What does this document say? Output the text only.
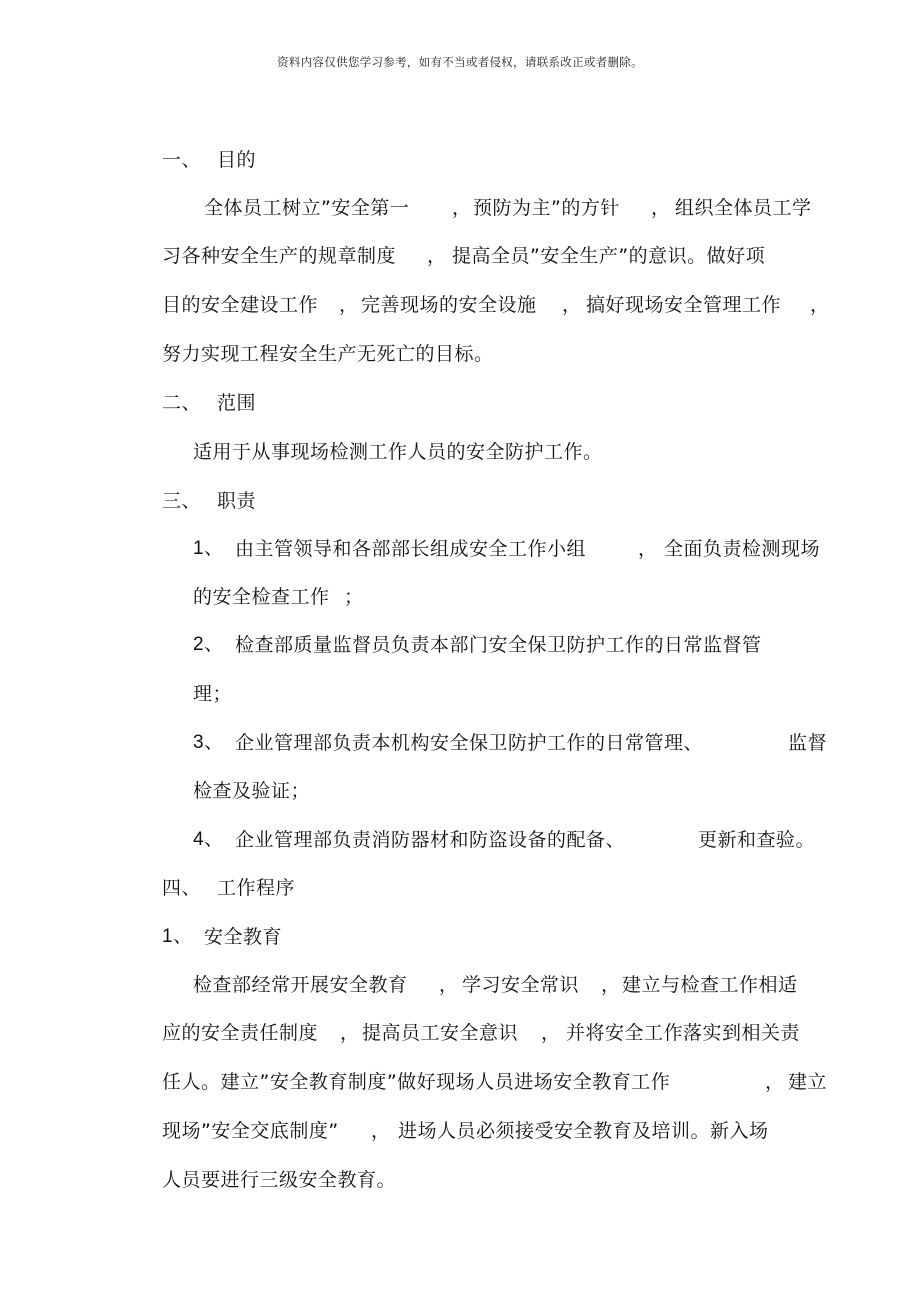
资料内容仅供您学习参考，如有不当或者侵权，请联系改正或者删除。
一、 目的
全体员工树立”安全第一 ， 预防为主”的方针 ， 组织全体员工学
习各种安全生产的规章制度 ， 提高全员”安全生产”的意识。做好项
目的安全建设工作 ， 完善现场的安全设施 ， 搞好现场安全管理工作 ，
努力实现工程安全生产无死亡的目标。
二、 范围
适用于从事现场检测工作人员的安全防护工作。
三、 职责
1、 由主管领导和各部部长组成安全工作小组	， 全面负责检测现场
的安全检查工作 ；
2、 检查部质量监督员负责本部门安全保卫防护工作的日常监督管
理；
3、 企业管理部负责本机构安全保卫防护工作的日常管理、	监督
检查及验证；
4、 企业管理部负责消防器材和防盗设备的配备、	更新和查验。
四、 工作程序
1、 安全教育
检查部经常开展安全教育 ， 学习安全常识 ， 建立与检查工作相适
应的安全责任制度 ， 提高员工安全意识 ， 并将安全工作落实到相关责
任人。建立”安全教育制度”做好现场人员进场安全教育工作	， 建立
现场”安全交底制度” ， 进场人员必须接受安全教育及培训。新入场
人员要进行三级安全教育。
